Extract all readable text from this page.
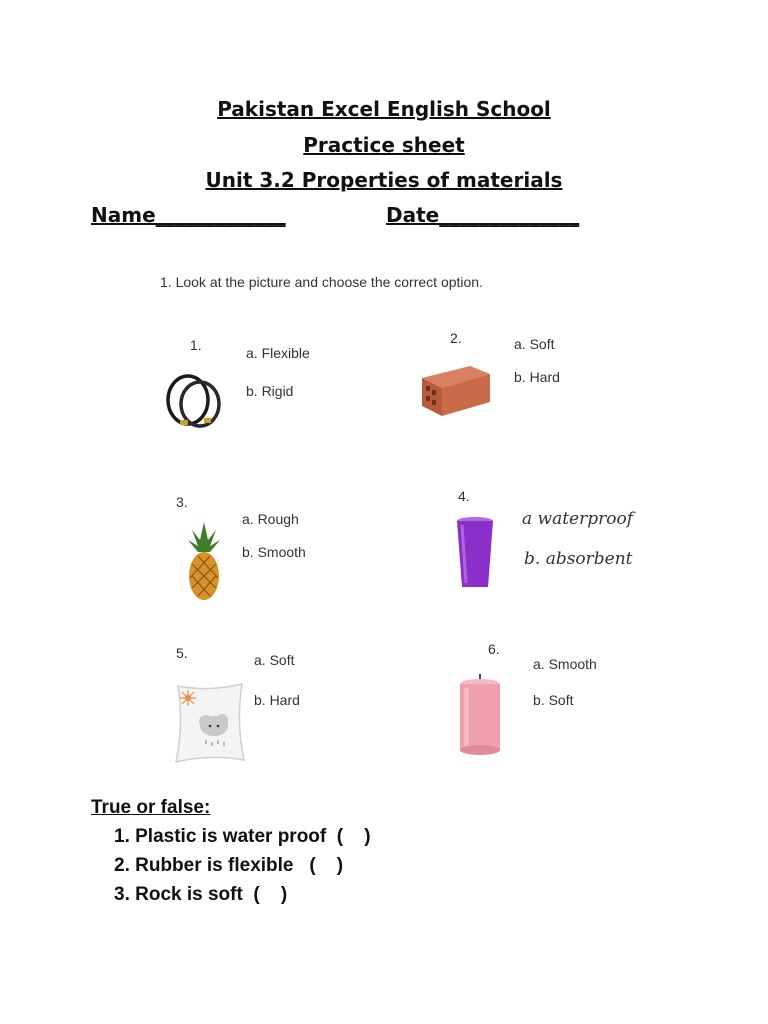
Pakistan Excel English School
Practice sheet
Unit 3.2 Properties of materials
Name_____________	Date______________
1. Look at the picture and choose the correct option.
1.	a. Flexible
b. Rigid
2.	a. Soft
b. Hard
3.
a. Rough
b. Smooth
4.
a waterproof
b. absorbent
5.	a. Soft
b. Hard
6.
a. Smooth
b. Soft
True or false:
1. Plastic is water proof  (    )
2. Rubber is flexible   (    )
3. Rock is soft  (    )
